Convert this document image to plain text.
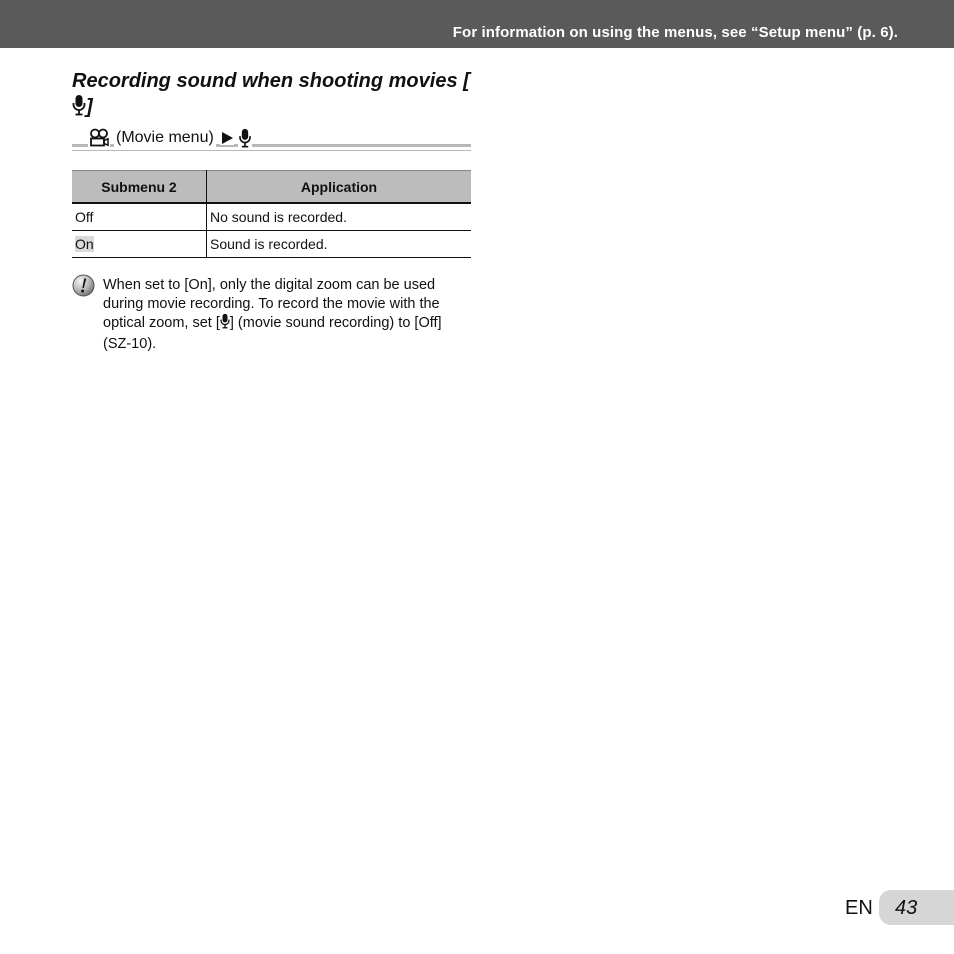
For information on using the menus, see “Setup menu” (p. 6).
Recording sound when shooting movies []
(Movie menu)
Submenu 2	Application
Off	No sound is recorded.
On	Sound is recorded.

When set to [On], only the digital zoom can be used during movie recording. To record the movie with the optical zoom, set [ ] (movie sound recording) to [Off] (SZ-10).

EN 43
